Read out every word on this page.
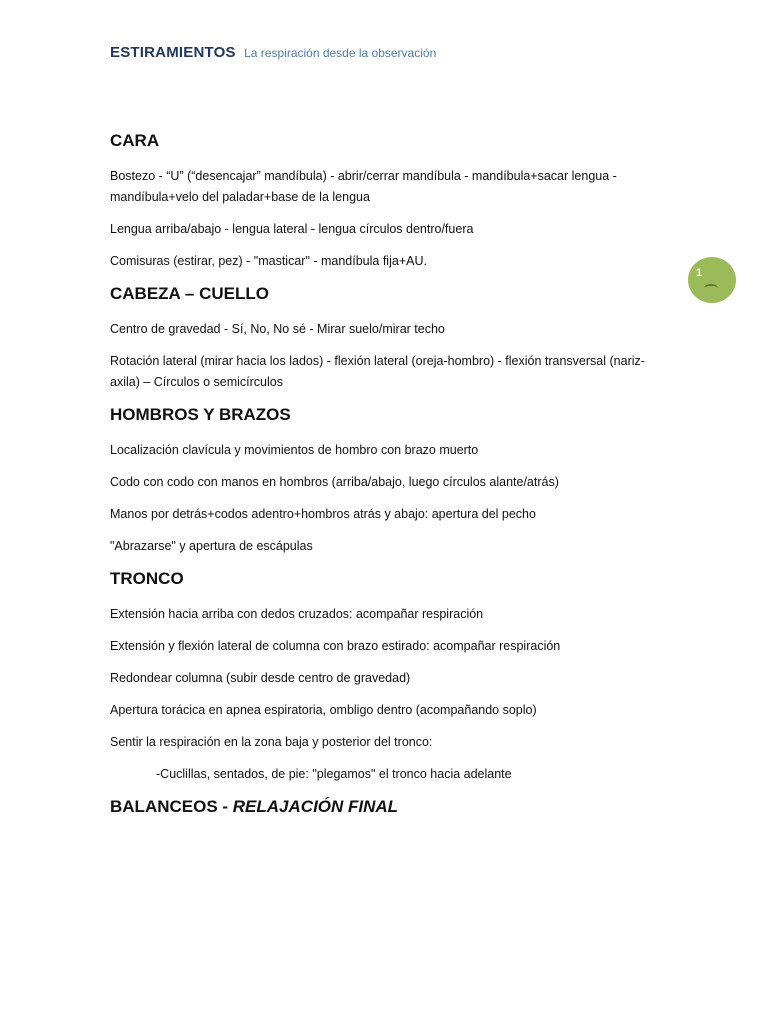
ESTIRAMIENTOS La respiración desde la observación
1
CARA

Bostezo - “U” (“desencajar” mandíbula) - abrir/cerrar mandíbula - mandíbula+sacar lengua - mandíbula+velo del paladar+base de la lengua

Lengua arriba/abajo - lengua lateral - lengua círculos dentro/fuera

Comisuras (estirar, pez) - "masticar" - mandíbula fija+AU.

CABEZA – CUELLO

Centro de gravedad - Sí, No, No sé - Mirar suelo/mirar techo

Rotación lateral (mirar hacia los lados) - flexión lateral (oreja-hombro) - flexión transversal (nariz-axila) – Círculos o semicírculos

HOMBROS Y BRAZOS

Localización clavícula y movimientos de hombro con brazo muerto

Codo con codo con manos en hombros (arriba/abajo, luego círculos alante/atrás)

Manos por detrás+codos adentro+hombros atrás y abajo: apertura del pecho

"Abrazarse" y apertura de escápulas

TRONCO

Extensión hacia arriba con dedos cruzados: acompañar respiración

Extensión y flexión lateral de columna con brazo estirado: acompañar respiración

Redondear columna (subir desde centro de gravedad)

Apertura torácica en apnea espiratoria, ombligo dentro (acompañando soplo)

Sentir la respiración en la zona baja y posterior del tronco:

-Cuclillas, sentados, de pie: "plegamos" el tronco hacia adelante

BALANCEOS - RELAJACIÓN FINAL
